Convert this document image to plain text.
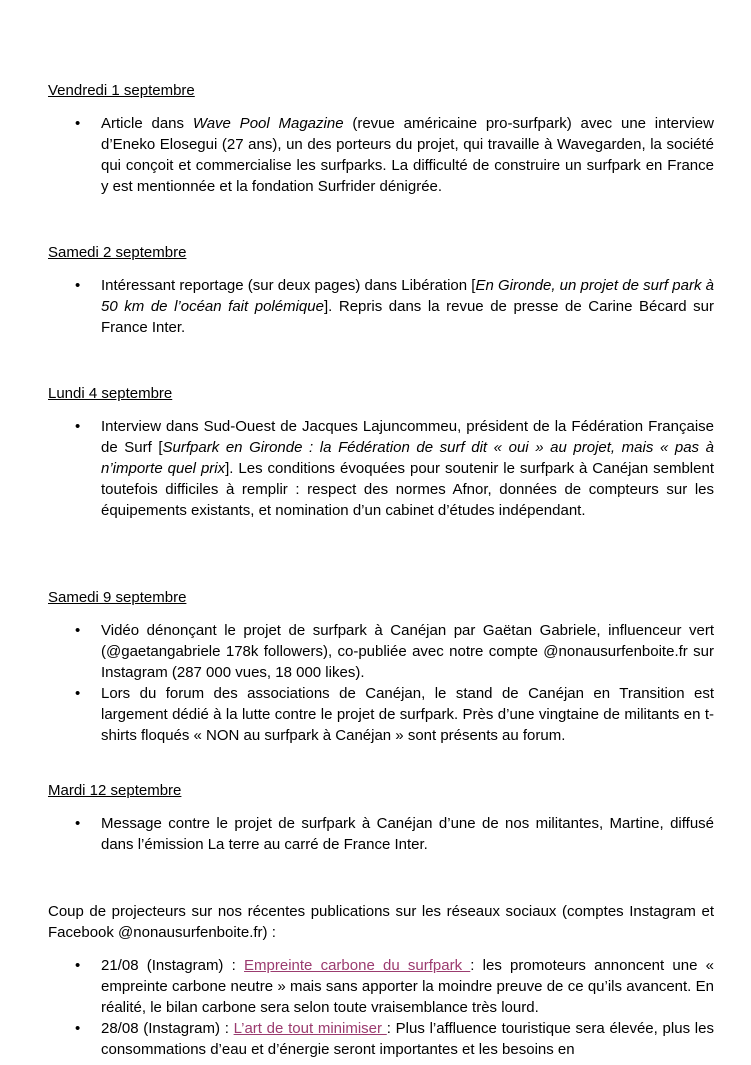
Vendredi 1 septembre

• Article dans Wave Pool Magazine (revue américaine pro-surfpark) avec une interview d’Eneko Elosegui (27 ans), un des porteurs du projet, qui travaille à Wavegarden, la société qui conçoit et commercialise les surfparks. La difficulté de construire un surfpark en France y est mentionnée et la fondation Surfrider dénigrée.

Samedi 2 septembre

• Intéressant reportage (sur deux pages) dans Libération [En Gironde, un projet de surf park à 50 km de l’océan fait polémique]. Repris dans la revue de presse de Carine Bécard sur France Inter.

Lundi 4 septembre

• Interview dans Sud-Ouest de Jacques Lajuncommeu, président de la Fédération Française de Surf [Surfpark en Gironde : la Fédération de surf dit « oui » au projet, mais « pas à n’importe quel prix]. Les conditions évoquées pour soutenir le surfpark à Canéjan semblent toutefois difficiles à remplir : respect des normes Afnor, données de compteurs sur les équipements existants, et nomination d’un cabinet d’études indépendant.

Samedi 9 septembre

• Vidéo dénonçant le projet de surfpark à Canéjan par Gaëtan Gabriele, influenceur vert (@gaetangabriele 178k followers), co-publiée avec notre compte @nonausurfenboite.fr sur Instagram (287 000 vues, 18 000 likes).
• Lors du forum des associations de Canéjan, le stand de Canéjan en Transition est largement dédié à la lutte contre le projet de surfpark. Près d’une vingtaine de militants en t-shirts floqués « NON au surfpark à Canéjan » sont présents au forum.

Mardi 12 septembre

• Message contre le projet de surfpark à Canéjan d’une de nos militantes, Martine, diffusé dans l’émission La terre au carré de France Inter.

Coup de projecteurs sur nos récentes publications sur les réseaux sociaux (comptes Instagram et Facebook @nonausurfenboite.fr) :

• 21/08 (Instagram) : Empreinte carbone du surfpark : les promoteurs annoncent une « empreinte carbone neutre » mais sans apporter la moindre preuve de ce qu’ils avancent. En réalité, le bilan carbone sera selon toute vraisemblance très lourd.
• 28/08 (Instagram) : L’art de tout minimiser : Plus l’affluence touristique sera élevée, plus les consommations d’eau et d’énergie seront importantes et les besoins en
